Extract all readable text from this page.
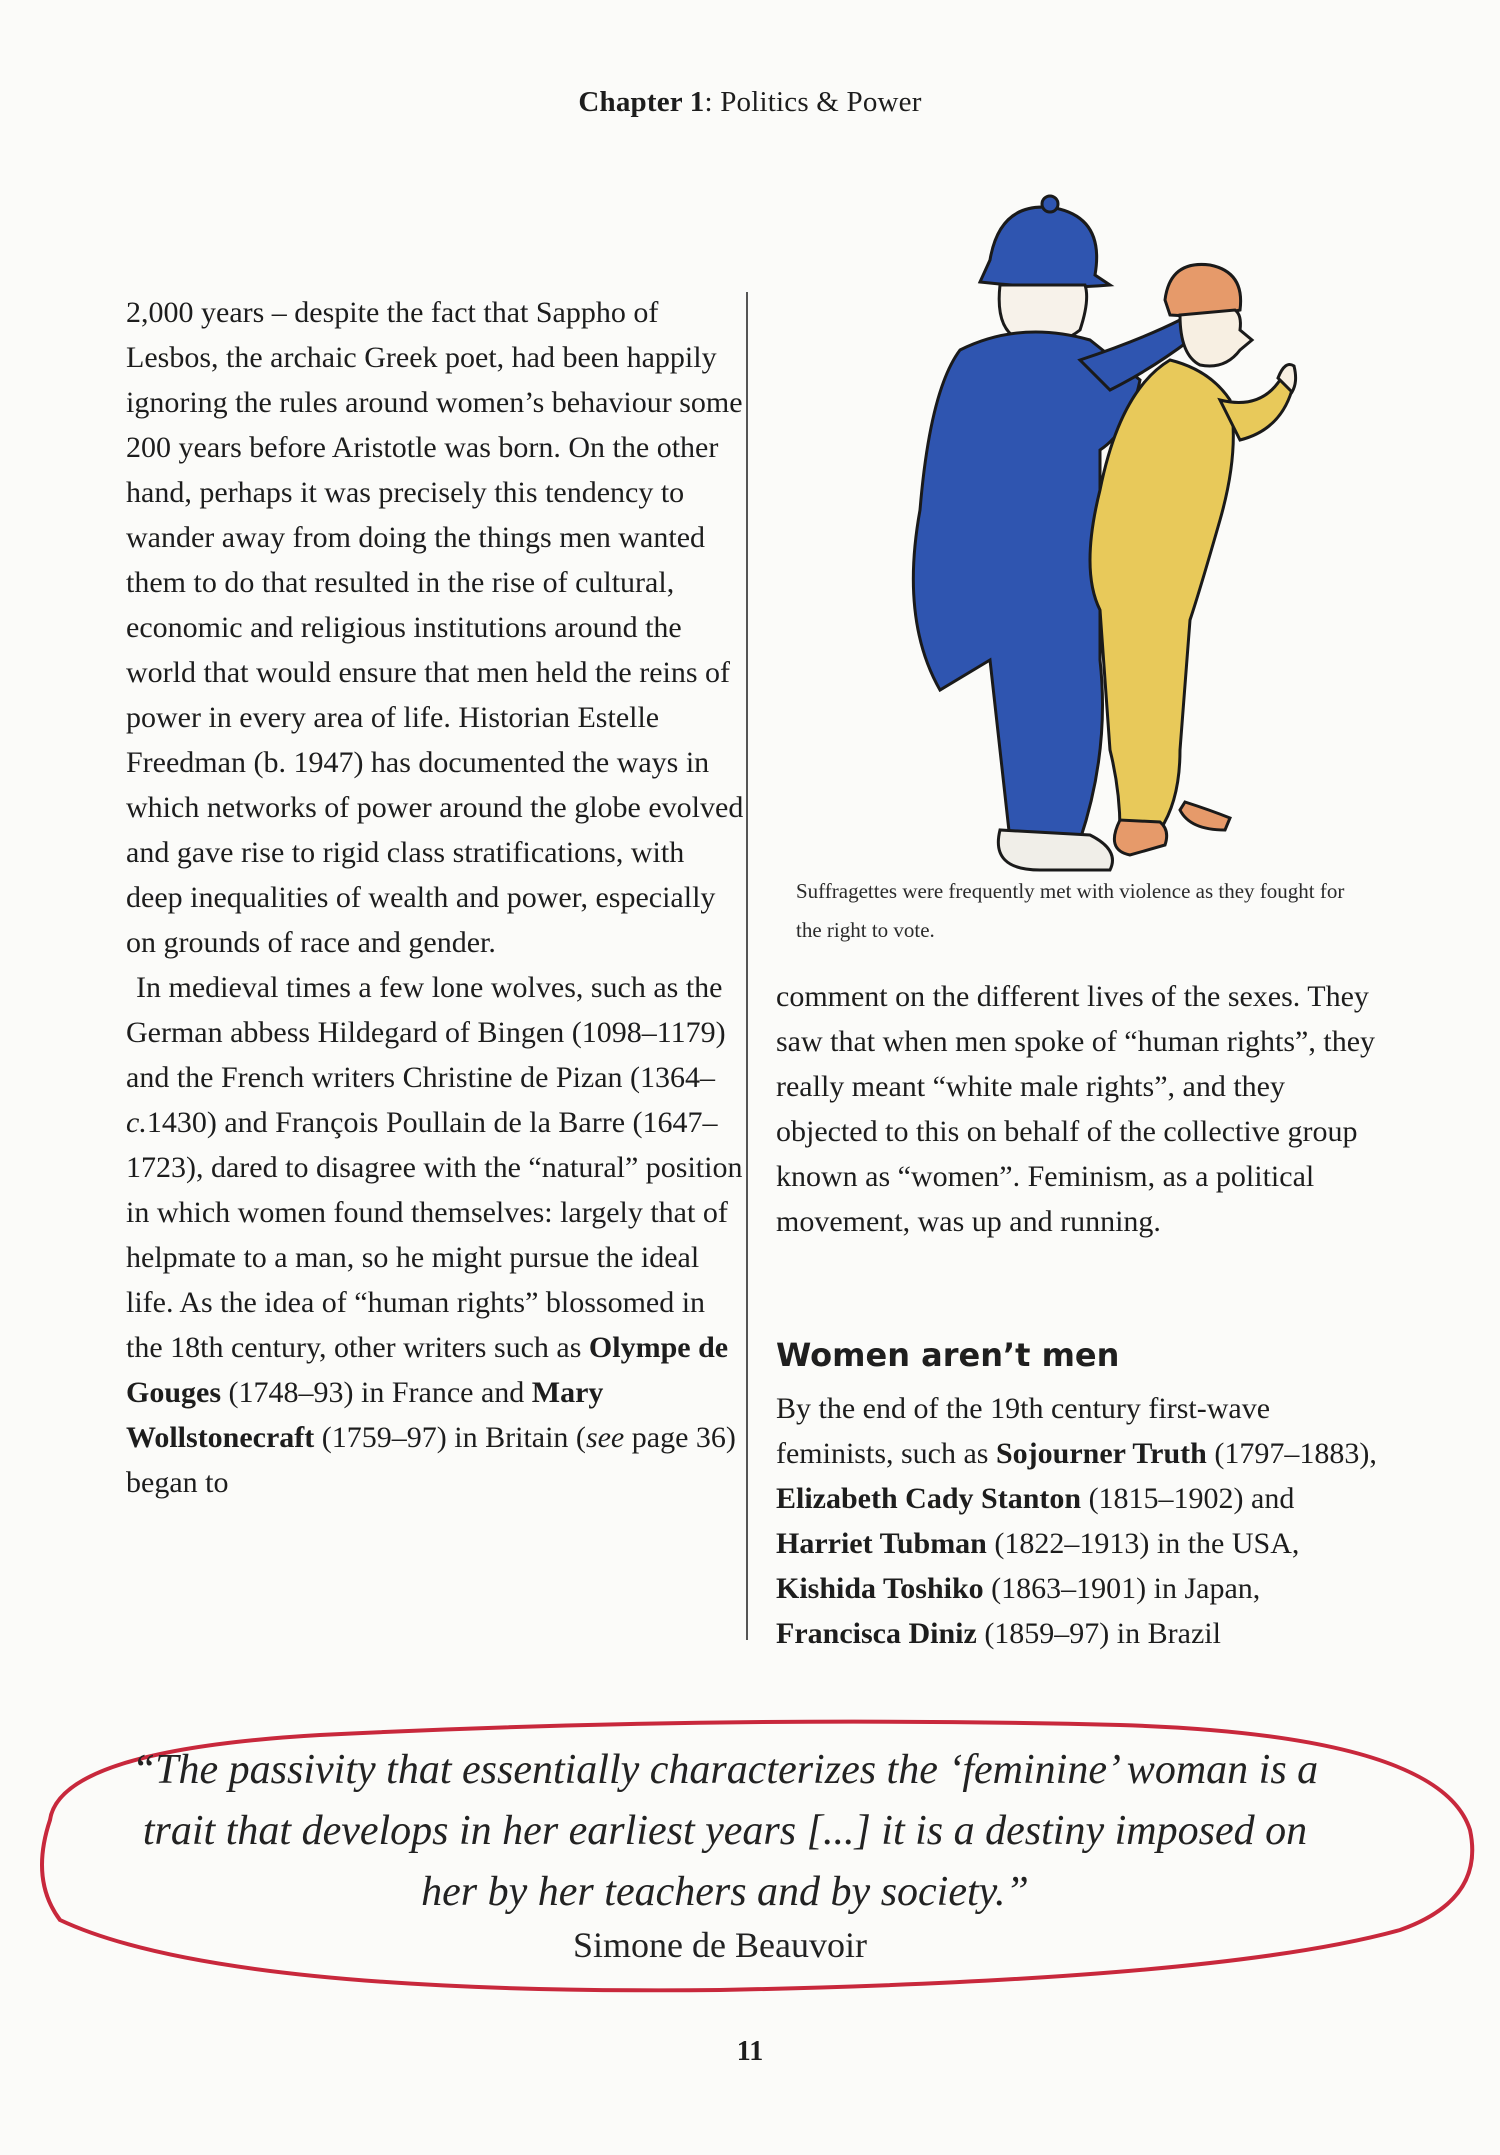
Chapter 1: Politics & Power

2,000 years – despite the fact that Sappho of Lesbos, the archaic Greek poet, had been happily ignoring the rules around women’s behaviour some 200 years before Aristotle was born. On the other hand, perhaps it was precisely this tendency to wander away from doing the things men wanted them to do that resulted in the rise of cultural, economic and religious institutions around the world that would ensure that men held the reins of power in every area of life. Historian Estelle Freedman (b. 1947) has documented the ways in which networks of power around the globe evolved and gave rise to rigid class stratifications, with deep inequalities of wealth and power, especially on grounds of race and gender.

In medieval times a few lone wolves, such as the German abbess Hildegard of Bingen (1098–1179) and the French writers Christine de Pizan (1364–c.1430) and François Poullain de la Barre (1647–1723), dared to disagree with the “natural” position in which women found themselves: largely that of helpmate to a man, so he might pursue the ideal life. As the idea of “human rights” blossomed in the 18th century, other writers such as Olympe de Gouges (1748–93) in France and Mary Wollstonecraft (1759–97) in Britain (see page 36) began to

Suffragettes were frequently met with violence as they fought for the right to vote.

comment on the different lives of the sexes. They saw that when men spoke of “human rights”, they really meant “white male rights”, and they objected to this on behalf of the collective group known as “women”. Feminism, as a political movement, was up and running.

Women aren’t men

By the end of the 19th century first-wave feminists, such as Sojourner Truth (1797–1883), Elizabeth Cady Stanton (1815–1902) and Harriet Tubman (1822–1913) in the USA, Kishida Toshiko (1863–1901) in Japan, Francisca Diniz (1859–97) in Brazil

“The passivity that essentially characterizes the ‘feminine’ woman is a trait that develops in her earliest years [...] it is a destiny imposed on her by her teachers and by society.”
Simone de Beauvoir
11
